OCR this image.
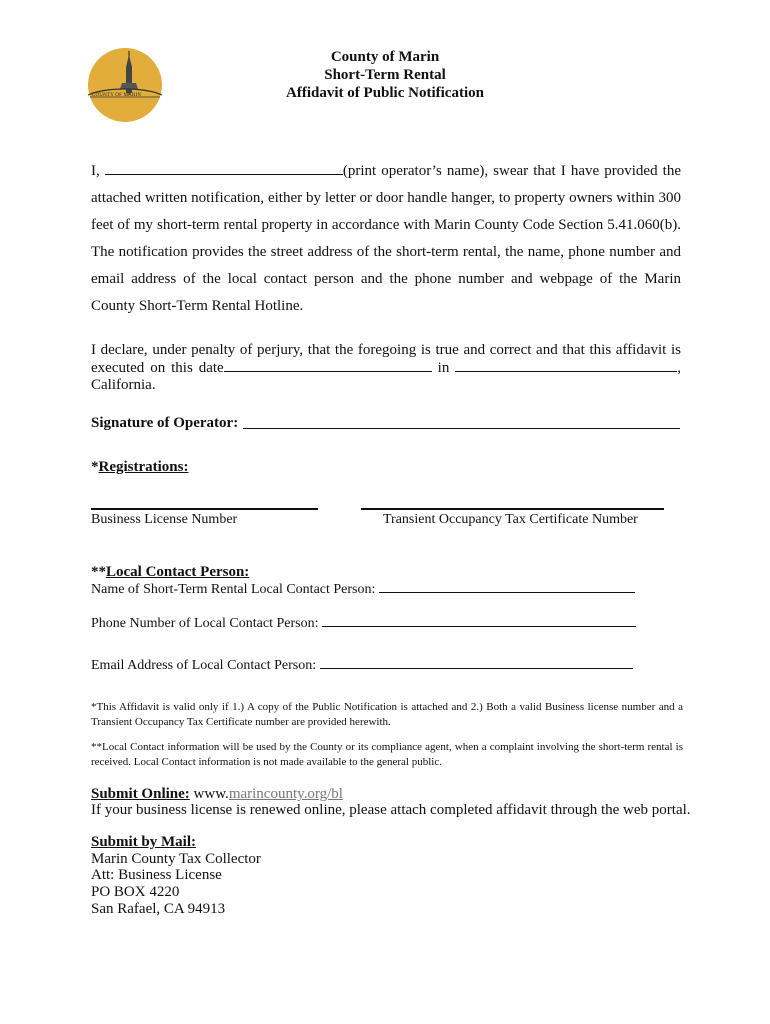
COUNTY OF MARIN
County of Marin
Short-Term Rental
Affidavit of Public Notification
I,	(print operator’s name), swear that I have provided the attached written notification, either by letter or door handle hanger, to property owners within 300 feet of my short-term rental property in accordance with Marin County Code Section 5.41.060(b). The notification provides the street address of the short-term rental, the name, phone number and email address of the local contact person and the phone number and webpage of the Marin County Short-Term Rental Hotline.
I declare, under penalty of perjury, that the foregoing is true and correct and that this affidavit is executed on this date	in	, California.
Signature of Operator:
*Registrations:
Business License Number	Transient Occupancy Tax Certificate Number
**Local Contact Person:
Name of Short-Term Rental Local Contact Person:
Phone Number of Local Contact Person:
Email Address of Local Contact Person:
*This Affidavit is valid only if 1.) A copy of the Public Notification is attached and 2.) Both a valid Business license number and a Transient Occupancy Tax Certificate number are provided herewith.
**Local Contact information will be used by the County or its compliance agent, when a complaint involving the short-term rental is received. Local Contact information is not made available to the general public.
Submit Online: www.marincounty.org/bl
If your business license is renewed online, please attach completed affidavit through the web portal.
Submit by Mail:
Marin County Tax Collector
Att: Business License
PO BOX 4220
San Rafael, CA 94913
